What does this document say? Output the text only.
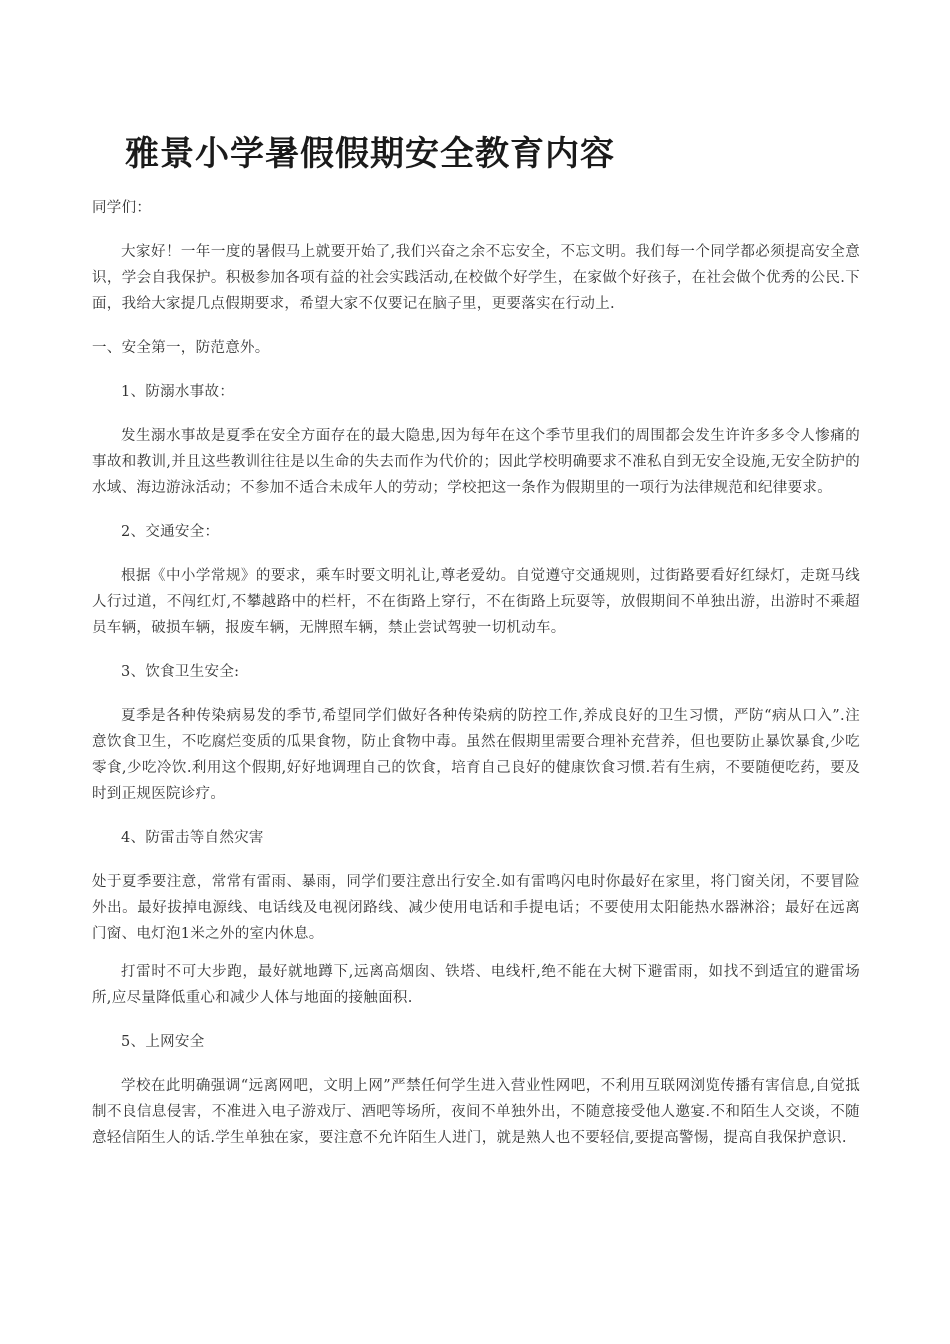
雅景小学暑假假期安全教育内容

同学们：

大家好！一年一度的暑假马上就要开始了,我们兴奋之余不忘安全，不忘文明。我们每一个同学都必须提高安全意识，学会自我保护。积极参加各项有益的社会实践活动,在校做个好学生，在家做个好孩子，在社会做个优秀的公民.下面，我给大家提几点假期要求，希望大家不仅要记在脑子里，更要落实在行动上.

一、安全第一，防范意外。

1、防溺水事故：

发生溺水事故是夏季在安全方面存在的最大隐患,因为每年在这个季节里我们的周围都会发生许许多多令人惨痛的事故和教训,并且这些教训往往是以生命的失去而作为代价的；因此学校明确要求不准私自到无安全设施,无安全防护的水域、海边游泳活动；不参加不适合未成年人的劳动；学校把这一条作为假期里的一项行为法律规范和纪律要求。

2、交通安全：

根据《中小学常规》的要求，乘车时要文明礼让,尊老爱幼。自觉遵守交通规则，过街路要看好红绿灯，走斑马线人行过道，不闯红灯,不攀越路中的栏杆，不在街路上穿行，不在街路上玩耍等，放假期间不单独出游，出游时不乘超员车辆，破损车辆，报废车辆，无牌照车辆，禁止尝试驾驶一切机动车。

3、饮食卫生安全:

夏季是各种传染病易发的季节,希望同学们做好各种传染病的防控工作,养成良好的卫生习惯，严防“病从口入”.注意饮食卫生，不吃腐烂变质的瓜果食物，防止食物中毒。虽然在假期里需要合理补充营养，但也要防止暴饮暴食,少吃零食,少吃冷饮.利用这个假期,好好地调理自己的饮食，培育自己良好的健康饮食习惯.若有生病，不要随便吃药，要及时到正规医院诊疗。

4、防雷击等自然灾害

处于夏季要注意，常常有雷雨、暴雨，同学们要注意出行安全.如有雷鸣闪电时你最好在家里，将门窗关闭，不要冒险外出。最好拔掉电源线、电话线及电视闭路线、减少使用电话和手提电话；不要使用太阳能热水器淋浴；最好在远离门窗、电灯泡1米之外的室内休息。

打雷时不可大步跑，最好就地蹲下,远离高烟囱、铁塔、电线杆,绝不能在大树下避雷雨，如找不到适宜的避雷场所,应尽量降低重心和减少人体与地面的接触面积.

5、上网安全

学校在此明确强调“远离网吧，文明上网”严禁任何学生进入营业性网吧，不利用互联网浏览传播有害信息,自觉抵制不良信息侵害，不准进入电子游戏厅、酒吧等场所，夜间不单独外出，不随意接受他人邀宴.不和陌生人交谈，不随意轻信陌生人的话.学生单独在家，要注意不允许陌生人进门，就是熟人也不要轻信,要提高警惕，提高自我保护意识.
